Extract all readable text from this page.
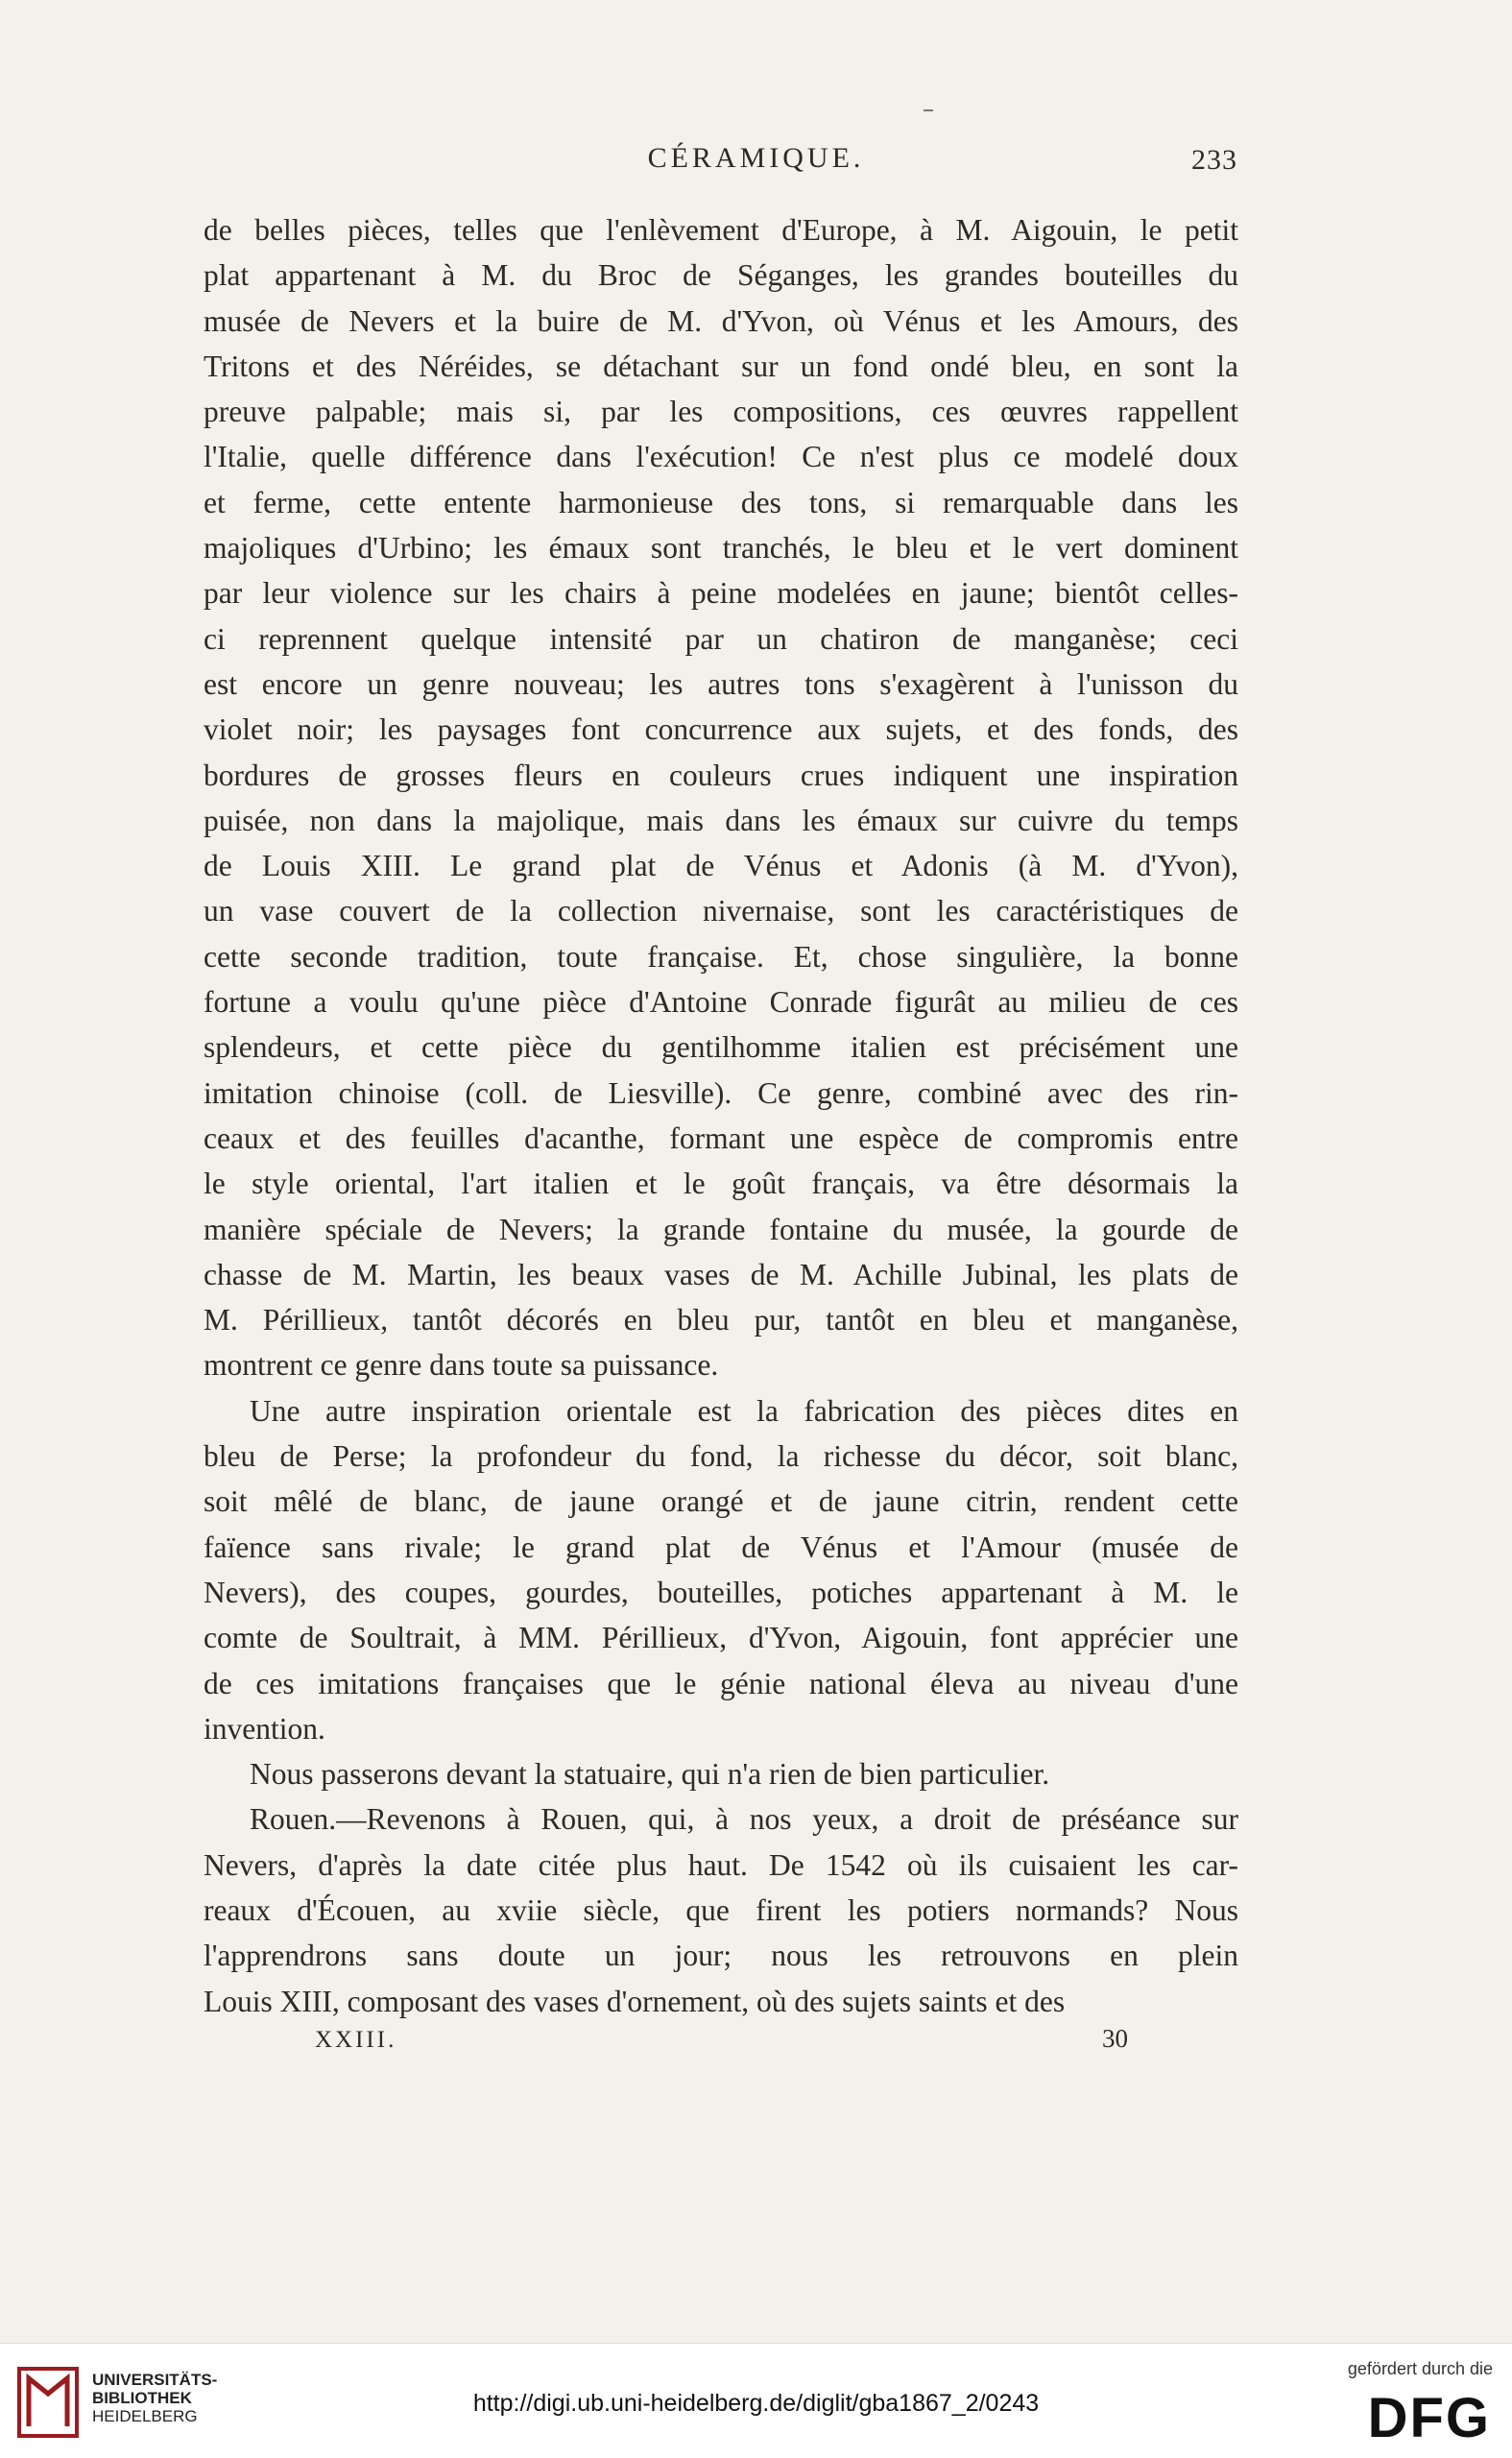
CÉRAMIQUE.	233

de belles pièces, telles que l'enlèvement d'Europe, à M. Aigouin, le petit
plat appartenant à M. du Broc de Séganges, les grandes bouteilles du
musée de Nevers et la buire de M. d'Yvon, où Vénus et les Amours, des
Tritons et des Néréides, se détachant sur un fond ondé bleu, en sont la
preuve palpable; mais si, par les compositions, ces œuvres rappellent
l'Italie, quelle différence dans l'exécution! Ce n'est plus ce modelé doux
et ferme, cette entente harmonieuse des tons, si remarquable dans les
majoliques d'Urbino; les émaux sont tranchés, le bleu et le vert dominent
par leur violence sur les chairs à peine modelées en jaune; bientôt celles-
ci reprennent quelque intensité par un chatiron de manganèse; ceci
est encore un genre nouveau; les autres tons s'exagèrent à l'unisson du
violet noir; les paysages font concurrence aux sujets, et des fonds, des
bordures de grosses fleurs en couleurs crues indiquent une inspiration
puisée, non dans la majolique, mais dans les émaux sur cuivre du temps
de Louis XIII. Le grand plat de Vénus et Adonis (à M. d'Yvon),
un vase couvert de la collection nivernaise, sont les caractéristiques de
cette seconde tradition, toute française. Et, chose singulière, la bonne
fortune a voulu qu'une pièce d'Antoine Conrade figurât au milieu de ces
splendeurs, et cette pièce du gentilhomme italien est précisément une
imitation chinoise (coll. de Liesville). Ce genre, combiné avec des rin-
ceaux et des feuilles d'acanthe, formant une espèce de compromis entre
le style oriental, l'art italien et le goût français, va être désormais la
manière spéciale de Nevers; la grande fontaine du musée, la gourde de
chasse de M. Martin, les beaux vases de M. Achille Jubinal, les plats de
M. Périllieux, tantôt décorés en bleu pur, tantôt en bleu et manganèse,
montrent ce genre dans toute sa puissance.

Une autre inspiration orientale est la fabrication des pièces dites en
bleu de Perse; la profondeur du fond, la richesse du décor, soit blanc,
soit mêlé de blanc, de jaune orangé et de jaune citrin, rendent cette
faïence sans rivale; le grand plat de Vénus et l'Amour (musée de
Nevers), des coupes, gourdes, bouteilles, potiches appartenant à M. le
comte de Soultrait, à MM. Périllieux, d'Yvon, Aigouin, font apprécier une
de ces imitations françaises que le génie national éleva au niveau d'une
invention.

Nous passerons devant la statuaire, qui n'a rien de bien particulier.

Rouen.—Revenons à Rouen, qui, à nos yeux, a droit de préséance sur
Nevers, d'après la date citée plus haut. De 1542 où ils cuisaient les car-
reaux d'Écouen, au xviie siècle, que firent les potiers normands? Nous
l'apprendrons sans doute un jour; nous les retrouvons en plein
Louis XIII, composant des vases d'ornement, où des sujets saints et des

XXIII.	30
UNIVERSITÄTS-
BIBLIOTHEK
HEIDELBERG	http://digi.ub.uni-heidelberg.de/diglit/gba1867_2/0243
gefördert durch die
DFG
